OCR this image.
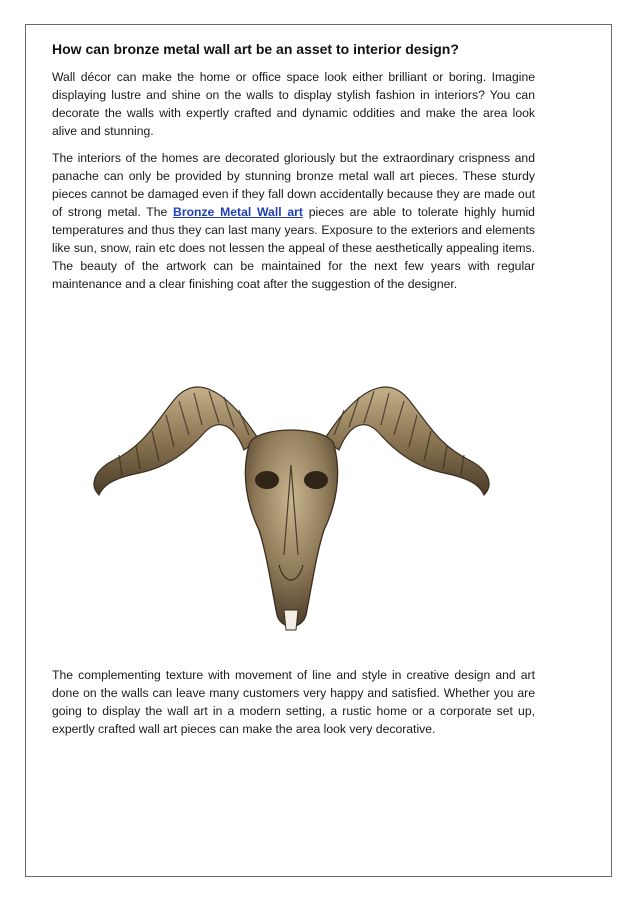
How can bronze metal wall art be an asset to interior design?

Wall décor can make the home or office space look either brilliant or boring. Imagine displaying lustre and shine on the walls to display stylish fashion in interiors? You can decorate the walls with expertly crafted and dynamic oddities and make the area look alive and stunning.

The interiors of the homes are decorated gloriously but the extraordinary crispness and panache can only be provided by stunning bronze metal wall art pieces. These sturdy pieces cannot be damaged even if they fall down accidentally because they are made out of strong metal. The Bronze Metal Wall art pieces are able to tolerate highly humid temperatures and thus they can last many years. Exposure to the exteriors and elements like sun, snow, rain etc does not lessen the appeal of these aesthetically appealing items. The beauty of the artwork can be maintained for the next few years with regular maintenance and a clear finishing coat after the suggestion of the designer.

The complementing texture with movement of line and style in creative design and art done on the walls can leave many customers very happy and satisfied. Whether you are going to display the wall art in a modern setting, a rustic home or a corporate set up, expertly crafted wall art pieces can make the area look very decorative.
